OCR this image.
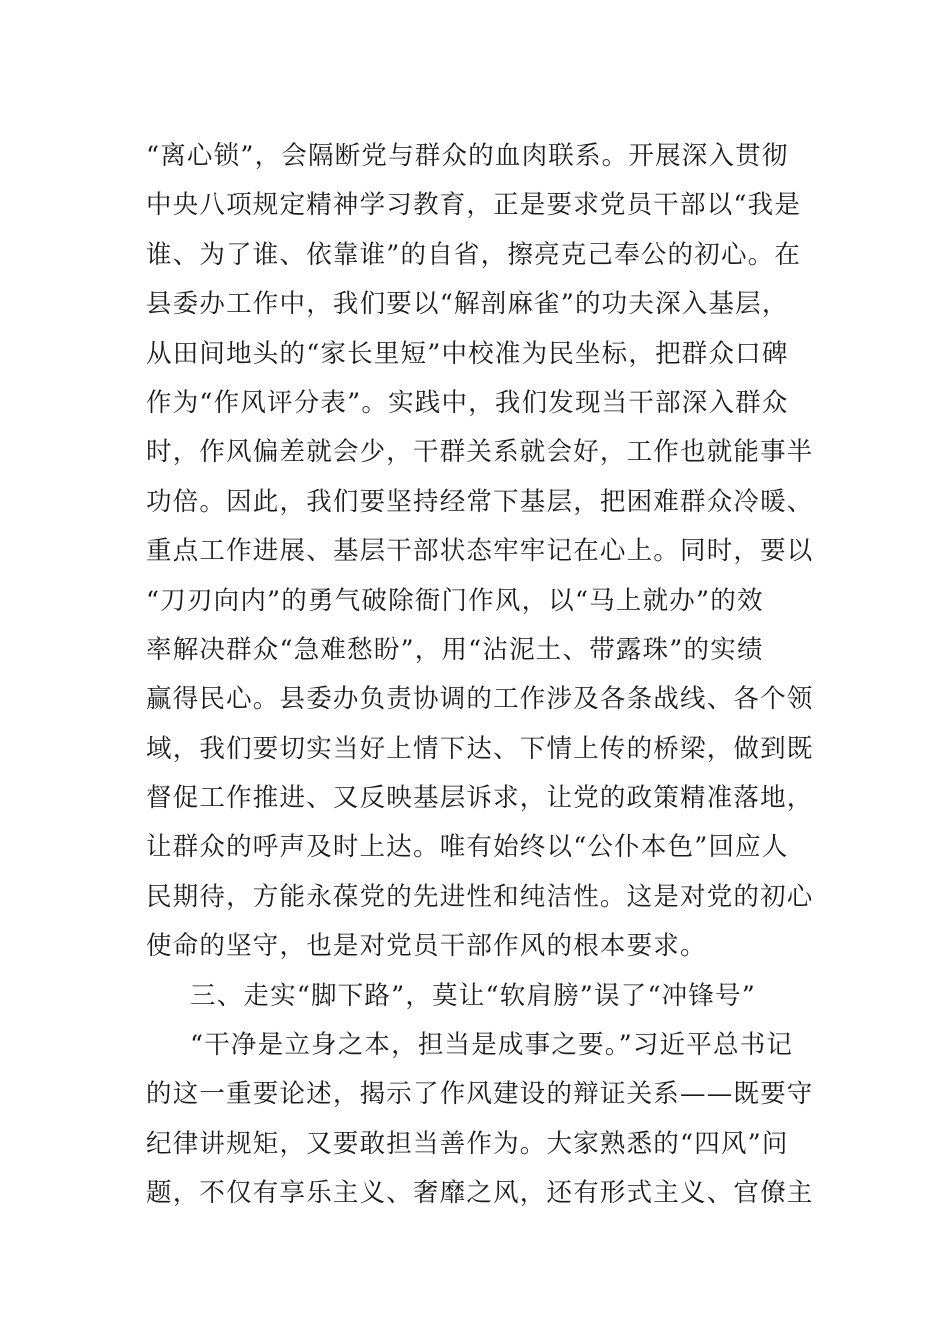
“离心锁”，会隔断党与群众的血肉联系。开展深入贯彻
中央八项规定精神学习教育，正是要求党员干部以“我是
谁、为了谁、依靠谁”的自省，擦亮克己奉公的初心。在
县委办工作中，我们要以“解剖麻雀”的功夫深入基层，
从田间地头的“家长里短”中校准为民坐标，把群众口碑
作为“作风评分表”。实践中，我们发现当干部深入群众
时，作风偏差就会少，干群关系就会好，工作也就能事半
功倍。因此，我们要坚持经常下基层，把困难群众冷暖、
重点工作进展、基层干部状态牢牢记在心上。同时，要以
“刀刃向内”的勇气破除衙门作风，以“马上就办”的效
率解决群众“急难愁盼”，用“沾泥土、带露珠”的实绩
赢得民心。县委办负责协调的工作涉及各条战线、各个领
域，我们要切实当好上情下达、下情上传的桥梁，做到既
督促工作推进、又反映基层诉求，让党的政策精准落地，
让群众的呼声及时上达。唯有始终以“公仆本色”回应人
民期待，方能永葆党的先进性和纯洁性。这是对党的初心
使命的坚守，也是对党员干部作风的根本要求。
三、走实“脚下路”，莫让“软肩膀”误了“冲锋号”
“干净是立身之本，担当是成事之要。”习近平总书记
的这一重要论述，揭示了作风建设的辩证关系——既要守
纪律讲规矩，又要敢担当善作为。大家熟悉的“四风”问
题，不仅有享乐主义、奢靡之风，还有形式主义、官僚主
